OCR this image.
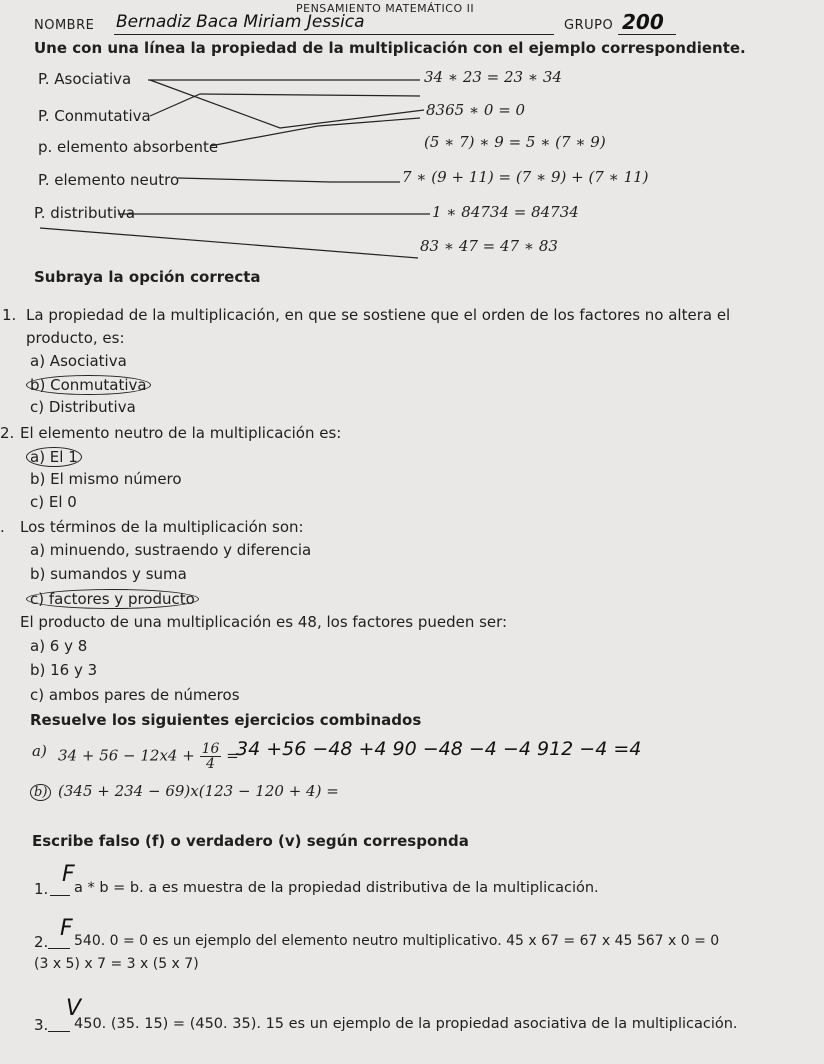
PENSAMIENTO MATEMÁTICO II
NOMBRE Bernadiz Baca Miriam Jessica	GRUPO 200
Une con una línea la propiedad de la multiplicación con el ejemplo correspondiente.
P. Asociativa
P. Conmutativa
p. elemento absorbente
P. elemento neutro
P. distributiva
34 ∗ 23 = 23 ∗ 34
8365 ∗ 0 = 0
(5 ∗ 7) ∗ 9 = 5 ∗ (7 ∗ 9)
7 ∗ (9 + 11) = (7 ∗ 9) + (7 ∗ 11)
1 ∗ 84734 = 84734
83 ∗ 47 = 47 ∗ 83
Subraya la opción correcta
1. La propiedad de la multiplicación, en que se sostiene que el orden de los factores no altera el
producto, es:
a) Asociativa
b) Conmutativa
c) Distributiva
2. El elemento neutro de la multiplicación es:
a) El 1
b) El mismo número
c) El 0
. Los términos de la multiplicación son:
a) minuendo, sustraendo y diferencia
b) sumandos y suma
c) factores y producto
El producto de una multiplicación es 48, los factores pueden ser:
a) 6 y 8
b) 16 y 3
c) ambos pares de números
Resuelve los siguientes ejercicios combinados
a) $34 + 56 - 12x4 + \frac{16}{4}$ =
34 +56 −48 +4 90 −48 −4 −4 912 −4 =4
b) (345 + 234 − 69)x(123 − 120 + 4) =
Escribe falso (f) o verdadero (v) según corresponda
1.
F
a * b = b. a es muestra de la propiedad distributiva de la multiplicación.
2.
F 540. 0 = 0 es un ejemplo del elemento neutro multiplicativo. 45 x 67 = 67 x 45 567 x 0 = 0
(3 x 5) x 7 = 3 x (5 x 7)
3.
V
450. (35. 15) = (450. 35). 15 es un ejemplo de la propiedad asociativa de la multiplicación.
